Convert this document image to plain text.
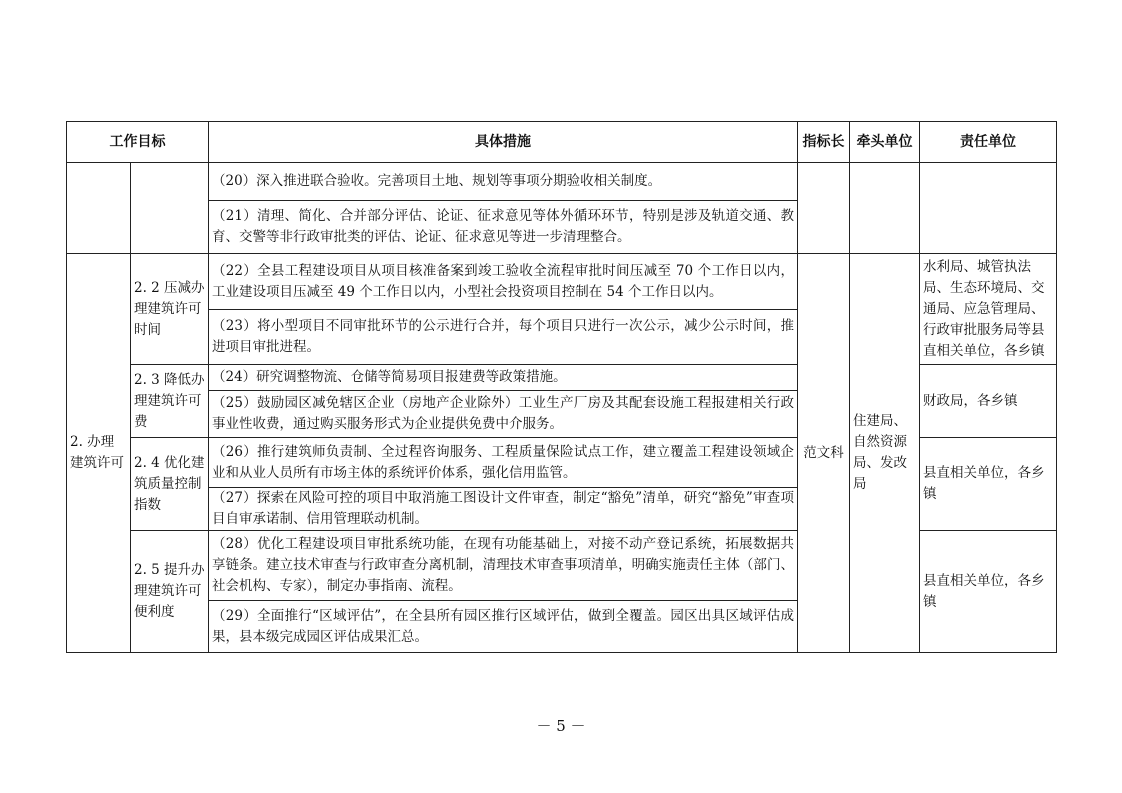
工作目标		具体措施	指标长	牵头单位	责任单位
		（20）深入推进联合验收。完善项目土地、规划等事项分期验收相关制度。			
		（21）清理、简化、合并部分评估、论证、征求意见等体外循环环节，特别是涉及轨道交通、教育、交警等非行政审批类的评估、论证、征求意见等进一步清理整合。			
2. 办理建筑许可	2. 2 压减办理建筑许可时间	（22）全县工程建设项目从项目核准备案到竣工验收全流程审批时间压减至 70 个工作日以内，工业建设项目压减至 49 个工作日以内，小型社会投资项目控制在 54 个工作日以内。	范文科	住建局、自然资源局、发改局	水利局、城管执法局、生态环境局、交通局、应急管理局、行政审批服务局等县直相关单位，各乡镇
		（23）将小型项目不同审批环节的公示进行合并，每个项目只进行一次公示，减少公示时间，推进项目审批进程。			
	2. 3 降低办理建筑许可费	（24）研究调整物流、仓储等简易项目报建费等政策措施。			财政局，各乡镇
		（25）鼓励园区减免辖区企业（房地产企业除外）工业生产厂房及其配套设施工程报建相关行政事业性收费，通过购买服务形式为企业提供免费中介服务。			
	2. 4 优化建筑质量控制指数	（26）推行建筑师负责制、全过程咨询服务、工程质量保险试点工作，建立覆盖工程建设领域企业和从业人员所有市场主体的系统评价体系，强化信用监管。			县直相关单位，各乡镇
		（27）探索在风险可控的项目中取消施工图设计文件审查，制定“豁免”清单，研究“豁免”审查项目自审承诺制、信用管理联动机制。			
	2. 5 提升办理建筑许可便利度	（28）优化工程建设项目审批系统功能，在现有功能基础上，对接不动产登记系统，拓展数据共享链条。建立技术审查与行政审查分离机制，清理技术审查事项清单，明确实施责任主体（部门、社会机构、专家），制定办事指南、流程。			县直相关单位，各乡镇
		（29）全面推行“区域评估”，在全县所有园区推行区域评估，做到全覆盖。园区出具区域评估成果，县本级完成园区评估成果汇总。			
－ 5 －
